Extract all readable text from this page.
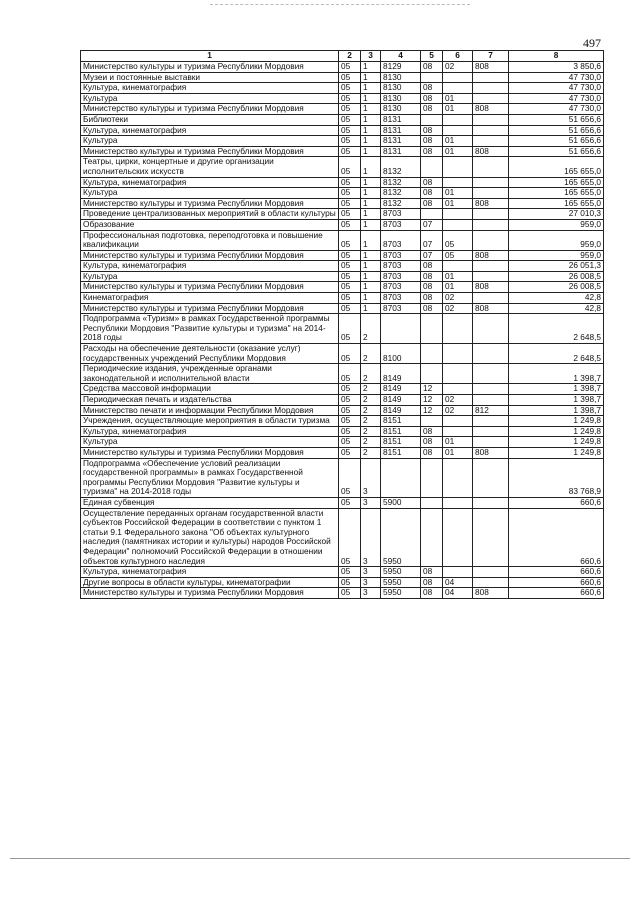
497
1	2	3	4	5	6	7	8
Министерство культуры и туризма Республики Мордовия	05	1	8129	08	02	808	3 850,6
Музеи и постоянные выставки	05	1	8130				47 730,0
Культура, кинематография	05	1	8130	08			47 730,0
Культура	05	1	8130	08	01		47 730,0
Министерство культуры и туризма Республики Мордовия	05	1	8130	08	01	808	47 730,0
Библиотеки	05	1	8131				51 656,6
Культура, кинематография	05	1	8131	08			51 656,6
Культура	05	1	8131	08	01		51 656,6
Министерство культуры и туризма Республики Мордовия	05	1	8131	08	01	808	51 656,6
Театры, цирки, концертные и другие организации исполнительских искусств	05	1	8132				165 655,0
Культура, кинематография	05	1	8132	08			165 655,0
Культура	05	1	8132	08	01		165 655,0
Министерство культуры и туризма Республики Мордовия	05	1	8132	08	01	808	165 655,0
Проведение централизованных мероприятий в области культуры	05	1	8703				27 010,3
Образование	05	1	8703	07			959,0
Профессиональная подготовка, переподготовка и повышение квалификации	05	1	8703	07	05		959,0
Министерство культуры и туризма Республики Мордовия	05	1	8703	07	05	808	959,0
Культура, кинематография	05	1	8703	08			26 051,3
Культура	05	1	8703	08	01		26 008,5
Министерство культуры и туризма Республики Мордовия	05	1	8703	08	01	808	26 008,5
Кинематография	05	1	8703	08	02		42,8
Министерство культуры и туризма Республики Мордовия	05	1	8703	08	02	808	42,8
Подпрограмма «Туризм» в рамках Государственной программы Республики Мордовия "Развитие культуры и туризма" на 2014-2018 годы	05	2					2 648,5
Расходы на обеспечение деятельности (оказание услуг) государственных учреждений Республики Мордовия	05	2	8100				2 648,5
Периодические издания, учрежденные органами законодательной и исполнительной власти	05	2	8149				1 398,7
Средства массовой информации	05	2	8149	12			1 398,7
Периодическая печать и издательства	05	2	8149	12	02		1 398,7
Министерство печати и информации Республики Мордовия	05	2	8149	12	02	812	1 398,7
Учреждения, осуществляющие мероприятия в области туризма	05	2	8151				1 249,8
Культура, кинематография	05	2	8151	08			1 249,8
Культура	05	2	8151	08	01		1 249,8
Министерство культуры и туризма Республики Мордовия	05	2	8151	08	01	808	1 249,8
Подпрограмма «Обеспечение условий реализации государственной программы» в рамках Государственной программы Республики Мордовия "Развитие культуры и туризма" на 2014-2018 годы	05	3					83 768,9
Единая субвенция	05	3	5900				660,6
Осуществление переданных органам государственной власти субъектов Российской Федерации в соответствии с пунктом 1 статьи 9.1 Федерального закона "Об объектах культурного наследия (памятниках истории и культуры) народов Российской Федерации" полномочий Российской Федерации в отношении объектов культурного наследия	05	3	5950				660,6
Культура, кинематография	05	3	5950	08			660,6
Другие вопросы в области культуры, кинематографии	05	3	5950	08	04		660,6
Министерство культуры и туризма Республики Мордовия	05	3	5950	08	04	808	660,6
